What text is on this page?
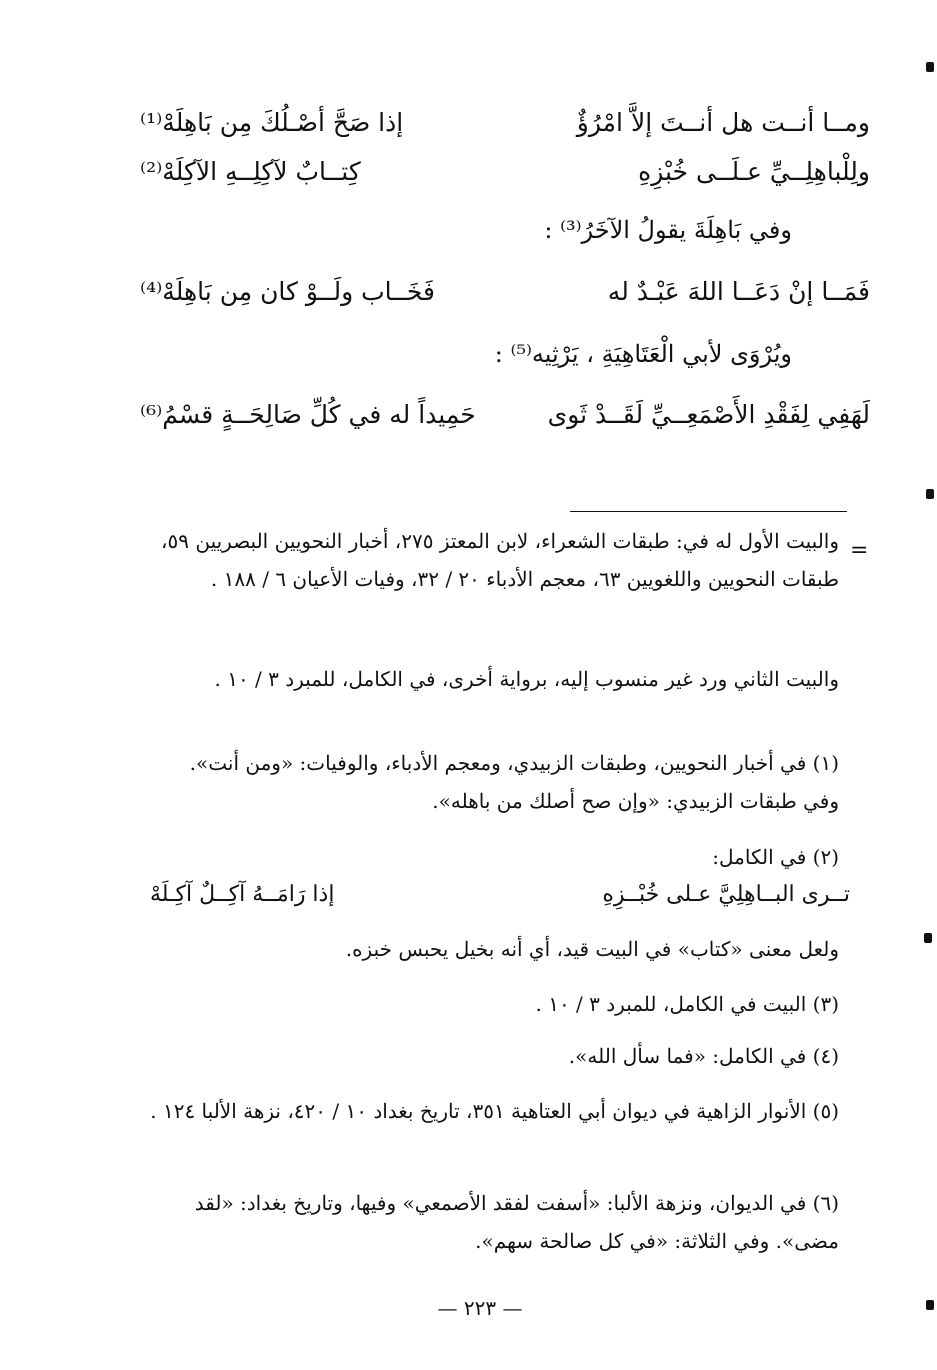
ومــا أنــت هل أنــتَ إلاَّ امْرُؤٌ
إذا صَحَّ أصْـلُكَ مِن بَاهِلَهْ⁽¹⁾
ولِلْباهِلِــيِّ عـلَــى خُبْزِهِ
كِتــابٌ لآكِلِــهِ الآكِلَهْ⁽²⁾
وفي بَاهِلَةَ يقولُ الآخَرُ⁽³⁾ :
فَمَــا إنْ دَعَــا اللهَ عَبْـدٌ له
فَخَــاب ولَــوْ كان مِن بَاهِلَهْ⁽⁴⁾
ويُرْوَى لأبي الْعَتَاهِيَةِ ، يَرْثِيه⁽⁵⁾ :
لَهَفِي لِفَقْدِ الأَصْمَعِــيِّ لَقَــدْ ثَوى
حَمِيداً له في كُلِّ صَالِحَــةٍ قسْمُ⁽⁶⁾
=

والبيت الأول له في: طبقات الشعراء، لابن المعتز ٢٧٥، أخبار النحويين البصريين ٥٩، طبقات النحويين واللغويين ٦٣، معجم الأدباء ٢٠ / ٣٢، وفيات الأعيان ٦ / ١٨٨ .

والبيت الثاني ورد غير منسوب إليه، برواية أخرى، في الكامل، للمبرد ٣ / ١٠ .

(١) في أخبار النحويين، وطبقات الزبيدي، ومعجم الأدباء، والوفيات: «ومن أنت». وفي طبقات الزبيدي: «وإن صح أصلك من باهله».

(٢) في الكامل:

تــرى البــاهِلِيَّ عـلى خُبْــزِهِ
إذا رَامَــهُ آكِــلٌ آكِـلَهْ

ولعل معنى «كتاب» في البيت قيد، أي أنه بخيل يحبس خبزه.

(٣) البيت في الكامل، للمبرد ٣ / ١٠ .

(٤) في الكامل: «فما سأل الله».

(٥) الأنوار الزاهية في ديوان أبي العتاهية ٣٥١، تاريخ بغداد ١٠ / ٤٢٠، نزهة الألبا ١٢٤ .

(٦) في الديوان، ونزهة الألبا: «أسفت لفقد الأصمعي» وفيها، وتاريخ بغداد: «لقد مضى». وفي الثلاثة: «في كل صالحة سهم».

— ٢٢٣ —
